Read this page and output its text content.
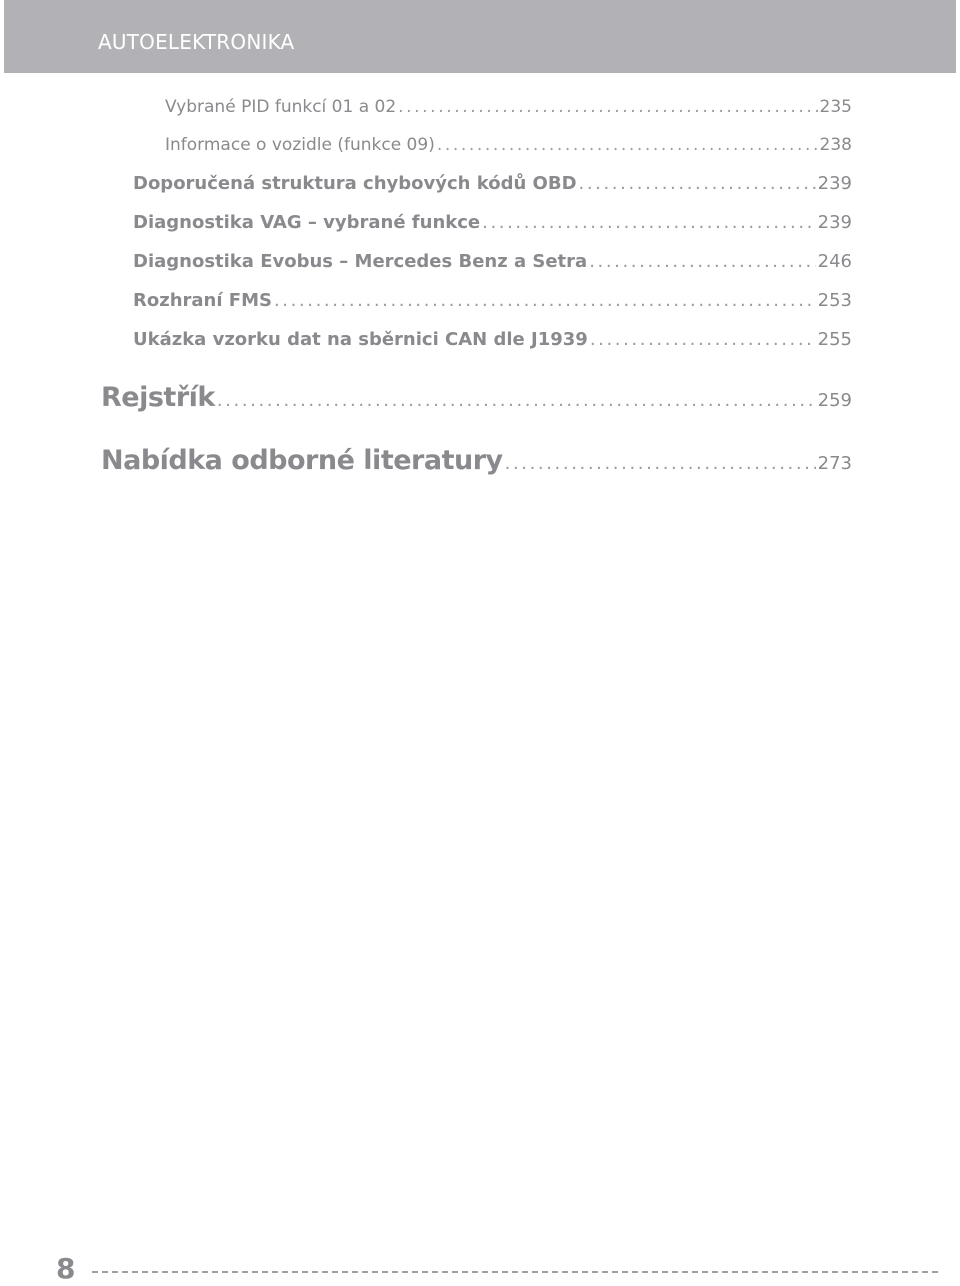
AUTOELEKTRONIKA
Vybrané PID funkcí 01 a 02 .....	235
Informace o vozidle (funkce 09) .....	238
Doporučená struktura chybových kódů OBD .....	239
Diagnostika VAG – vybrané funkce .....	239
Diagnostika Evobus – Mercedes Benz a Setra .....	246
Rozhraní FMS .....	253
Ukázka vzorku dat na sběrnici CAN dle J1939 .....	255
Rejstřík .....	259
Nabídka odborné literatury .....	273
8
